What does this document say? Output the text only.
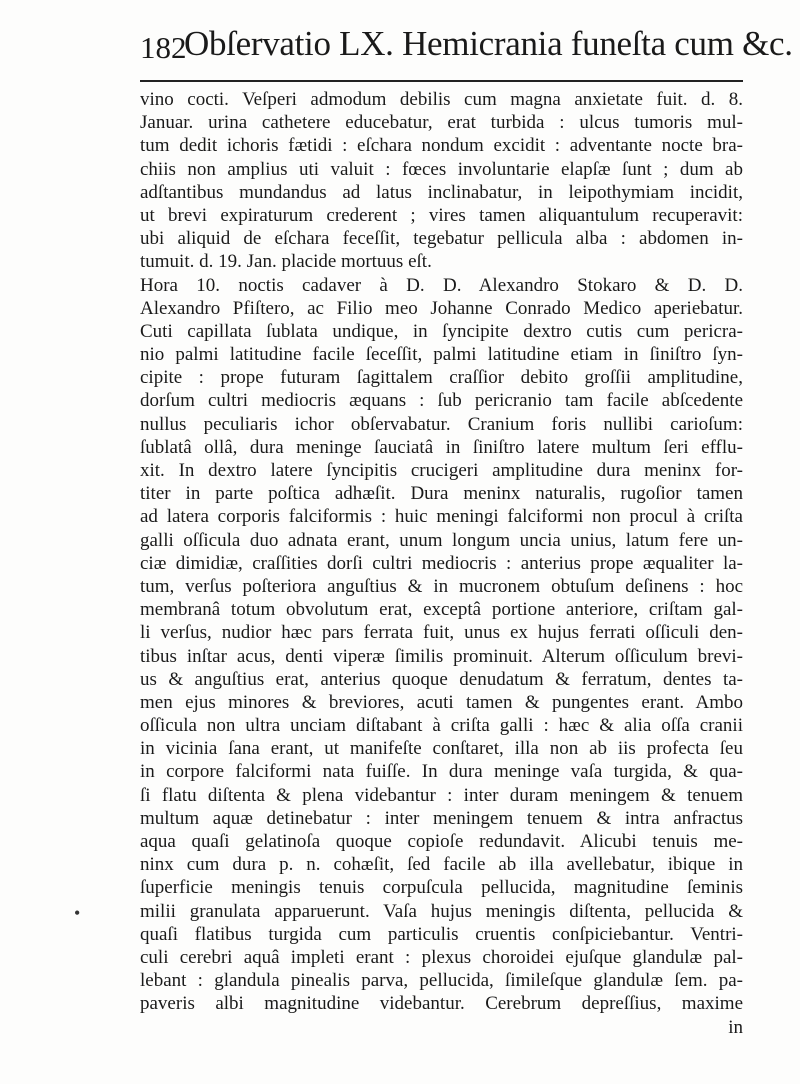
182
Obſervatio LX. Hemicrania funeſta cum &c.
•
vino cocti. Veſperi admodum debilis cum magna anxietate fuit. d. 8.
Januar. urina cathetere educebatur, erat turbida : ulcus tumoris mul-
tum dedit ichoris fætidi : eſchara nondum excidit : adventante nocte bra-
chiis non amplius uti valuit : fœces involuntarie elapſæ ſunt ; dum ab
adſtantibus mundandus ad latus inclinabatur, in leipothymiam incidit,
ut brevi expiraturum crederent ; vires tamen aliquantulum recuperavit:
ubi aliquid de eſchara feceſſit, tegebatur pellicula alba : abdomen in-
tumuit. d. 19. Jan. placide mortuus eſt.
Hora 10. noctis cadaver à D. D. Alexandro Stokaro & D. D.
Alexandro Pfiſtero, ac Filio meo Johanne Conrado Medico aperiebatur.
Cuti capillata ſublata undique, in ſyncipite dextro cutis cum pericra-
nio palmi latitudine facile ſeceſſit, palmi latitudine etiam in ſiniſtro ſyn-
cipite : prope futuram ſagittalem craſſior debito groſſii amplitudine,
dorſum cultri mediocris æquans : ſub pericranio tam facile abſcedente
nullus peculiaris ichor obſervabatur. Cranium foris nullibi carioſum:
ſublatâ ollâ, dura meninge ſauciatâ in ſiniſtro latere multum ſeri efflu-
xit. In dextro latere ſyncipitis crucigeri amplitudine dura meninx for-
titer in parte poſtica adhæſit. Dura meninx naturalis, rugoſior tamen
ad latera corporis falciformis : huic meningi falciformi non procul à criſta
galli oſſicula duo adnata erant, unum longum uncia unius, latum fere un-
ciæ dimidiæ, craſſities dorſi cultri mediocris : anterius prope æqualiter la-
tum, verſus poſteriora anguſtius & in mucronem obtuſum deſinens : hoc
membranâ totum obvolutum erat, exceptâ portione anteriore, criſtam gal-
li verſus, nudior hæc pars ferrata fuit, unus ex hujus ferrati oſſiculi den-
tibus inſtar acus, denti viperæ ſimilis prominuit. Alterum oſſiculum brevi-
us & anguſtius erat, anterius quoque denudatum & ferratum, dentes ta-
men ejus minores & breviores, acuti tamen & pungentes erant. Ambo
oſſicula non ultra unciam diſtabant à criſta galli : hæc & alia oſſa cranii
in vicinia ſana erant, ut manifeſte conſtaret, illa non ab iis profecta ſeu
in corpore falciformi nata fuiſſe. In dura meninge vaſa turgida, & qua-
ſi flatu diſtenta & plena videbantur : inter duram meningem & tenuem
multum aquæ detinebatur : inter meningem tenuem & intra anfractus
aqua quaſi gelatinoſa quoque copioſe redundavit. Alicubi tenuis me-
ninx cum dura p. n. cohæſit, ſed facile ab illa avellebatur, ibique in
ſuperficie meningis tenuis corpuſcula pellucida, magnitudine ſeminis
milii granulata apparuerunt. Vaſa hujus meningis diſtenta, pellucida &
quaſi flatibus turgida cum particulis cruentis conſpiciebantur. Ventri-
culi cerebri aquâ impleti erant : plexus choroidei ejuſque glandulæ pal-
lebant : glandula pinealis parva, pellucida, ſimileſque glandulæ ſem. pa-
paveris albi magnitudine videbantur. Cerebrum depreſſius, maxime
in
